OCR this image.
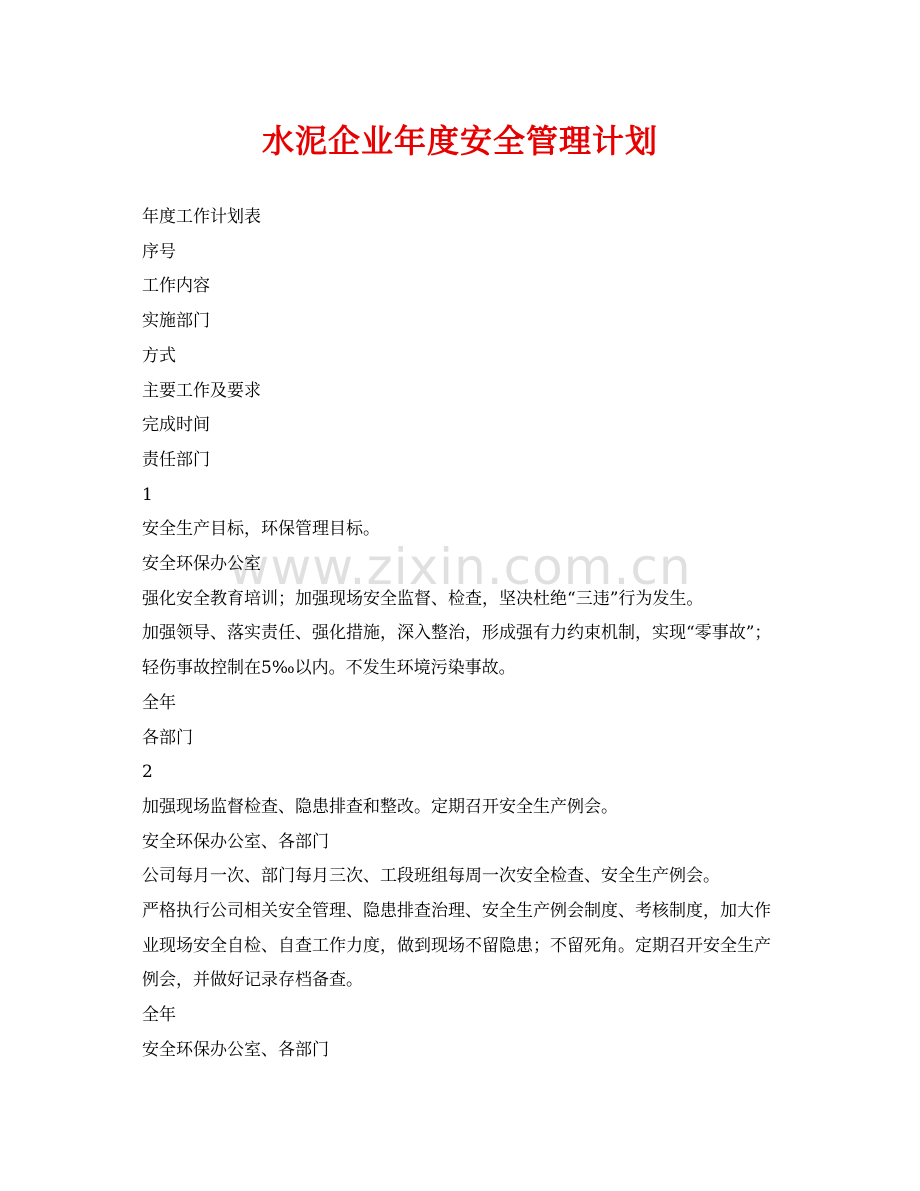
水泥企业年度安全管理计划
www.zixin.com.cn

年度工作计划表

序号

工作内容

实施部门

方式

主要工作及要求

完成时间

责任部门

1

安全生产目标，环保管理目标。

安全环保办公室

强化安全教育培训；加强现场安全监督、检查，坚决杜绝“三违”行为发生。

加强领导、落实责任、强化措施，深入整治，形成强有力约束机制，实现“零事故”；轻伤事故控制在5‰以内。不发生环境污染事故。

全年

各部门

2

加强现场监督检查、隐患排查和整改。定期召开安全生产例会。

安全环保办公室、各部门

公司每月一次、部门每月三次、工段班组每周一次安全检查、安全生产例会。

严格执行公司相关安全管理、隐患排查治理、安全生产例会制度、考核制度，加大作业现场安全自检、自查工作力度，做到现场不留隐患；不留死角。定期召开安全生产例会，并做好记录存档备查。

全年

安全环保办公室、各部门
